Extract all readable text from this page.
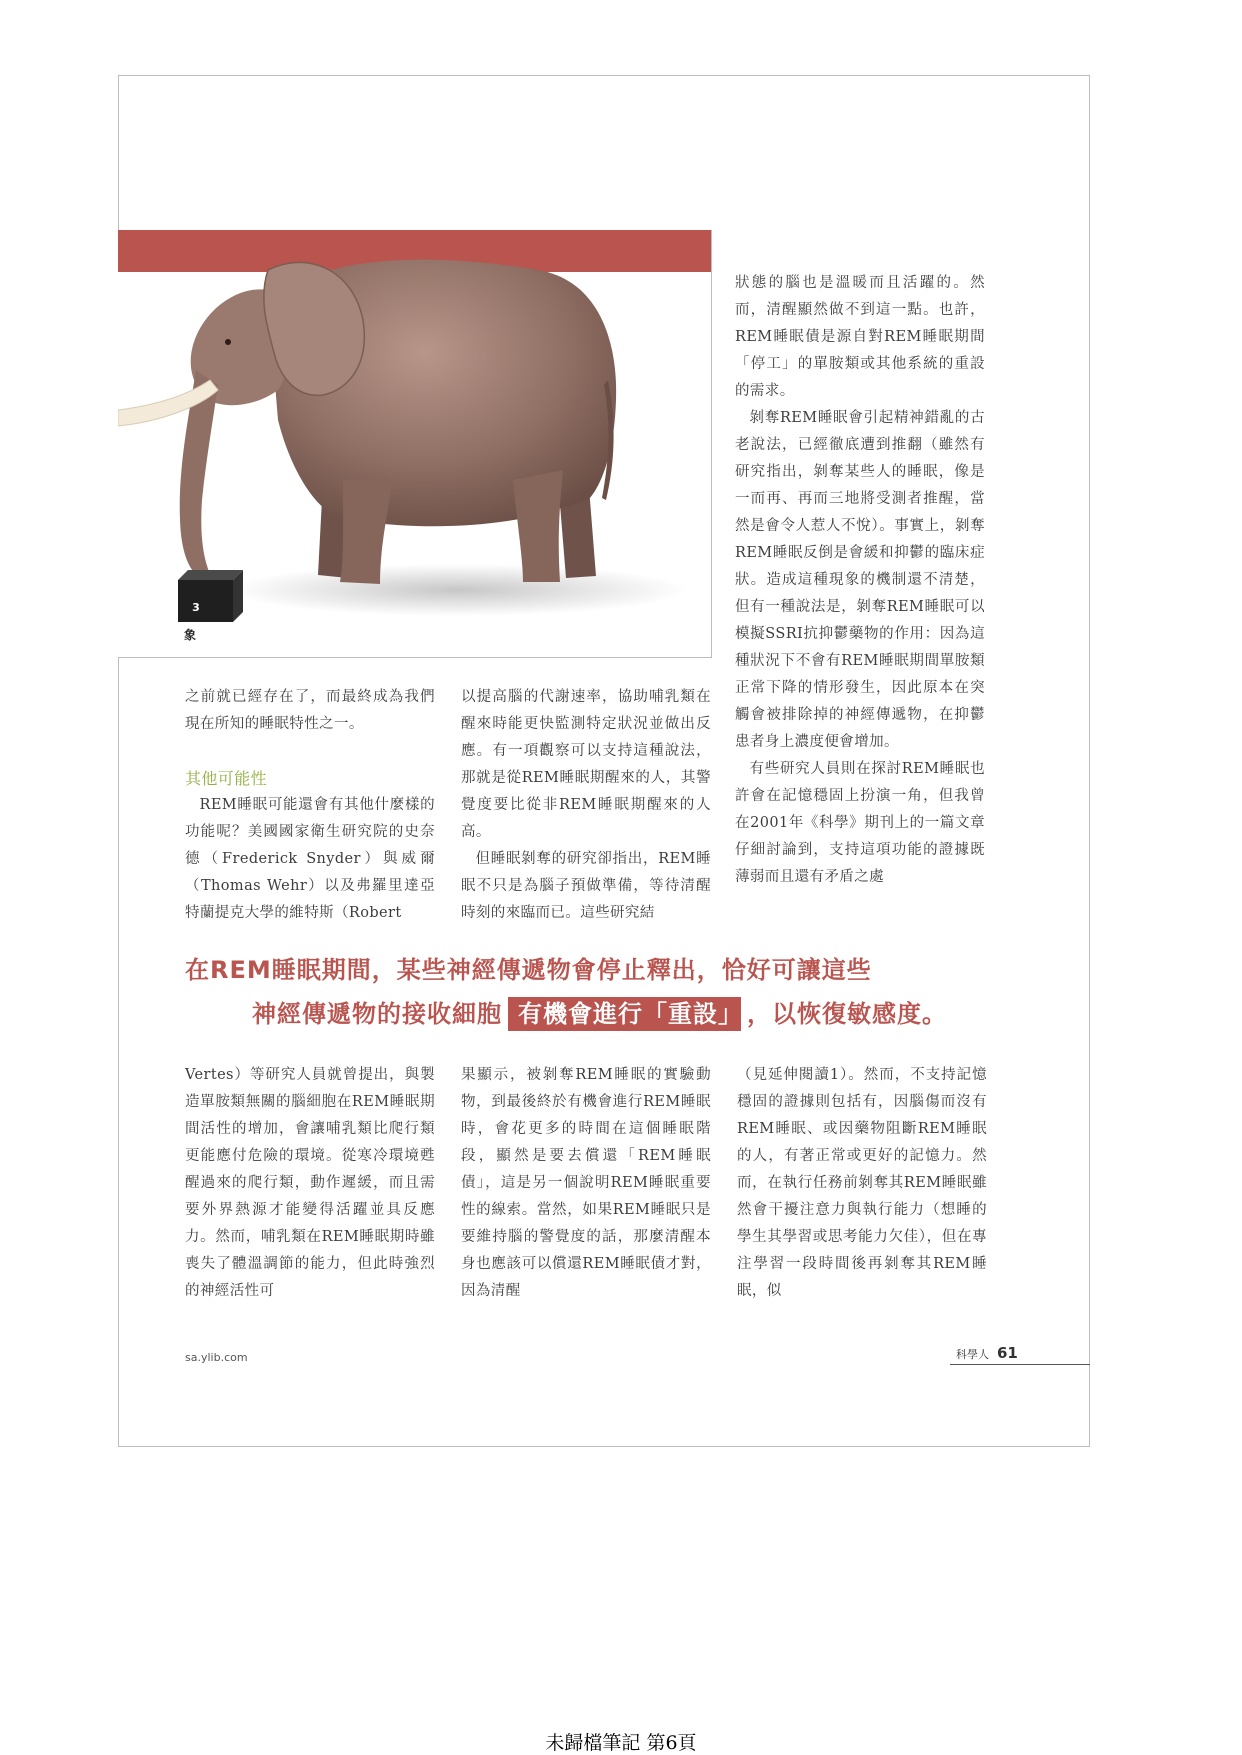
3
象

狀態的腦也是溫暖而且活躍的。然而，清醒顯然做不到這一點。也許，REM睡眠債是源自對REM睡眠期間「停工」的單胺類或其他系統的重設的需求。

剝奪REM睡眠會引起精神錯亂的古老說法，已經徹底遭到推翻（雖然有研究指出，剝奪某些人的睡眠，像是一而再、再而三地將受測者推醒，當然是會令人惹人不悅）。事實上，剝奪REM睡眠反倒是會緩和抑鬱的臨床症狀。造成這種現象的機制還不清楚，但有一種說法是，剝奪REM睡眠可以模擬SSRI抗抑鬱藥物的作用：因為這種狀況下不會有REM睡眠期間單胺類正常下降的情形發生，因此原本在突觸會被排除掉的神經傳遞物，在抑鬱患者身上濃度便會增加。

有些研究人員則在探討REM睡眠也許會在記憶穩固上扮演一角，但我曾在2001年《科學》期刊上的一篇文章仔細討論到，支持這項功能的證據既薄弱而且還有矛盾之處

之前就已經存在了，而最終成為我們現在所知的睡眠特性之一。

其他可能性

REM睡眠可能還會有其他什麼樣的功能呢？美國國家衛生研究院的史奈德（Frederick Snyder）與威爾（Thomas Wehr）以及弗羅里達亞特蘭提克大學的維特斯（Robert

以提高腦的代謝速率，協助哺乳類在醒來時能更快監測特定狀況並做出反應。有一項觀察可以支持這種說法，那就是從REM睡眠期醒來的人，其警覺度要比從非REM睡眠期醒來的人高。

但睡眠剝奪的研究卻指出，REM睡眠不只是為腦子預做準備，等待清醒時刻的來臨而已。這些研究結

在REM睡眠期間，某些神經傳遞物會停止釋出，恰好可讓這些
神經傳遞物的接收細胞 有機會進行「重設」 ，以恢復敏感度。

Vertes）等研究人員就曾提出，與製造單胺類無關的腦細胞在REM睡眠期間活性的增加，會讓哺乳類比爬行類更能應付危險的環境。從寒冷環境甦醒過來的爬行類，動作遲緩，而且需要外界熱源才能變得活躍並具反應力。然而，哺乳類在REM睡眠期時雖喪失了體溫調節的能力，但此時強烈的神經活性可

果顯示，被剝奪REM睡眠的實驗動物，到最後終於有機會進行REM睡眠時，會花更多的時間在這個睡眠階段，顯然是要去償還「REM睡眠債」，這是另一個說明REM睡眠重要性的線索。當然，如果REM睡眠只是要維持腦的警覺度的話，那麼清醒本身也應該可以償還REM睡眠債才對，因為清醒

（見延伸閱讀1）。然而，不支持記憶穩固的證據則包括有，因腦傷而沒有REM睡眠、或因藥物阻斷REM睡眠的人，有著正常或更好的記憶力。然而，在執行任務前剝奪其REM睡眠雖然會干擾注意力與執行能力（想睡的學生其學習或思考能力欠佳），但在專注學習一段時間後再剝奪其REM睡眠，似

sa.ylib.com	科學人 61
未歸檔筆記 第6頁
